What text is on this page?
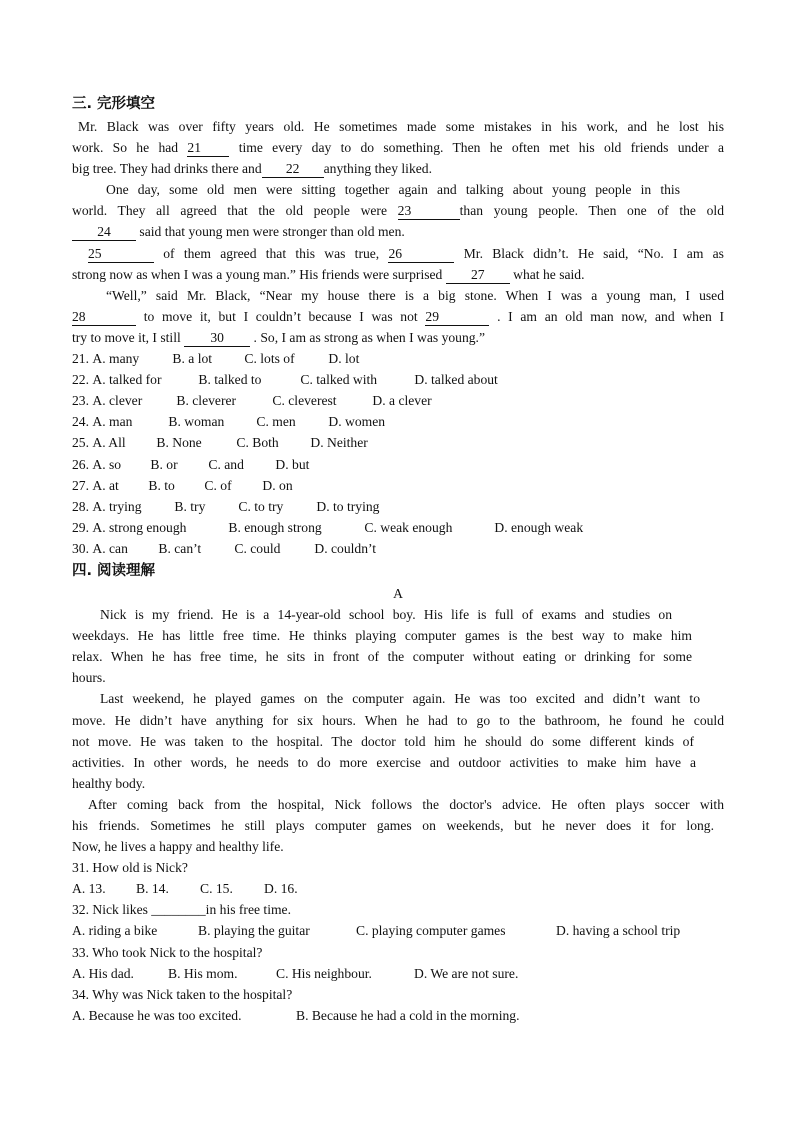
三. 完形填空
Mr. Black was over fifty years old. He sometimes made some mistakes in his work, and he lost his
work. So he had 21 time every day to do something. Then he often met his old friends under a
big tree. They had drinks there and 22 anything they liked.
One day, some old men were sitting together again and talking about young people in this
world. They all agreed that the old people were 23	than young people. Then one of the old
24 said that young men were stronger than old men.
25	of them agreed that this was true, 26	Mr. Black didn’t. He said, “No. I am as
strong now as when I was a young man.” His friends were surprised 27 what he said.
“Well,” said Mr. Black, “Near my house there is a big stone. When I was a young man, I used
28	to move it, but I couldn’t because I was not 29	. I am an old man now, and when I
try to move it, I still 30 . So, I am as strong as when I was young.”
21. A. many B. a lot C. lots of D. lot
22. A. talked for	B. talked to	C. talked with	D. talked about
23. A. clever	B. cleverer	C. cleverest	D. a clever
24. A. man	B. woman C. men D. women
25. A. All B. None	C. Both D. Neither
26. A. so B. or C. and D. but
27. A. at B. to C. of D. on
28. A. trying B. try C. to try D. to trying
29. A. strong enough	B. enough strong	C. weak enough	D. enough weak
30. A. can B. can’t C. could D. couldn’t
四. 阅读理解
A
Nick is my friend. He is a 14-year-old school boy. His life is full of exams and studies on
weekdays. He has little free time. He thinks playing computer games is the best way to make him
relax. When he has free time, he sits in front of the computer without eating or drinking for some
hours.
Last weekend, he played games on the computer again. He was too excited and didn’t want to
move. He didn’t have anything for six hours. When he had to go to the bathroom, he found he could
not move. He was taken to the hospital. The doctor told him he should do some different kinds of
activities. In other words, he needs to do more exercise and outdoor activities to make him have a
healthy body.
After coming back from the hospital, Nick follows the doctor's advice. He often plays soccer with
his friends. Sometimes he still plays computer games on weekends, but he never does it for long.
Now, he lives a happy and healthy life.
31. How old is Nick?
A. 13. B. 14. C. 15. D. 16.
32. Nick likes ________in his free time.
A. riding a bike	B. playing the guitar	C. playing computer games	D. having a school trip
33. Who took Nick to the hospital?
A. His dad.	B. His mom.	C. His neighbour.	D. We are not sure.
34. Why was Nick taken to the hospital?
A. Because he was too excited.	B. Because he had a cold in the morning.
